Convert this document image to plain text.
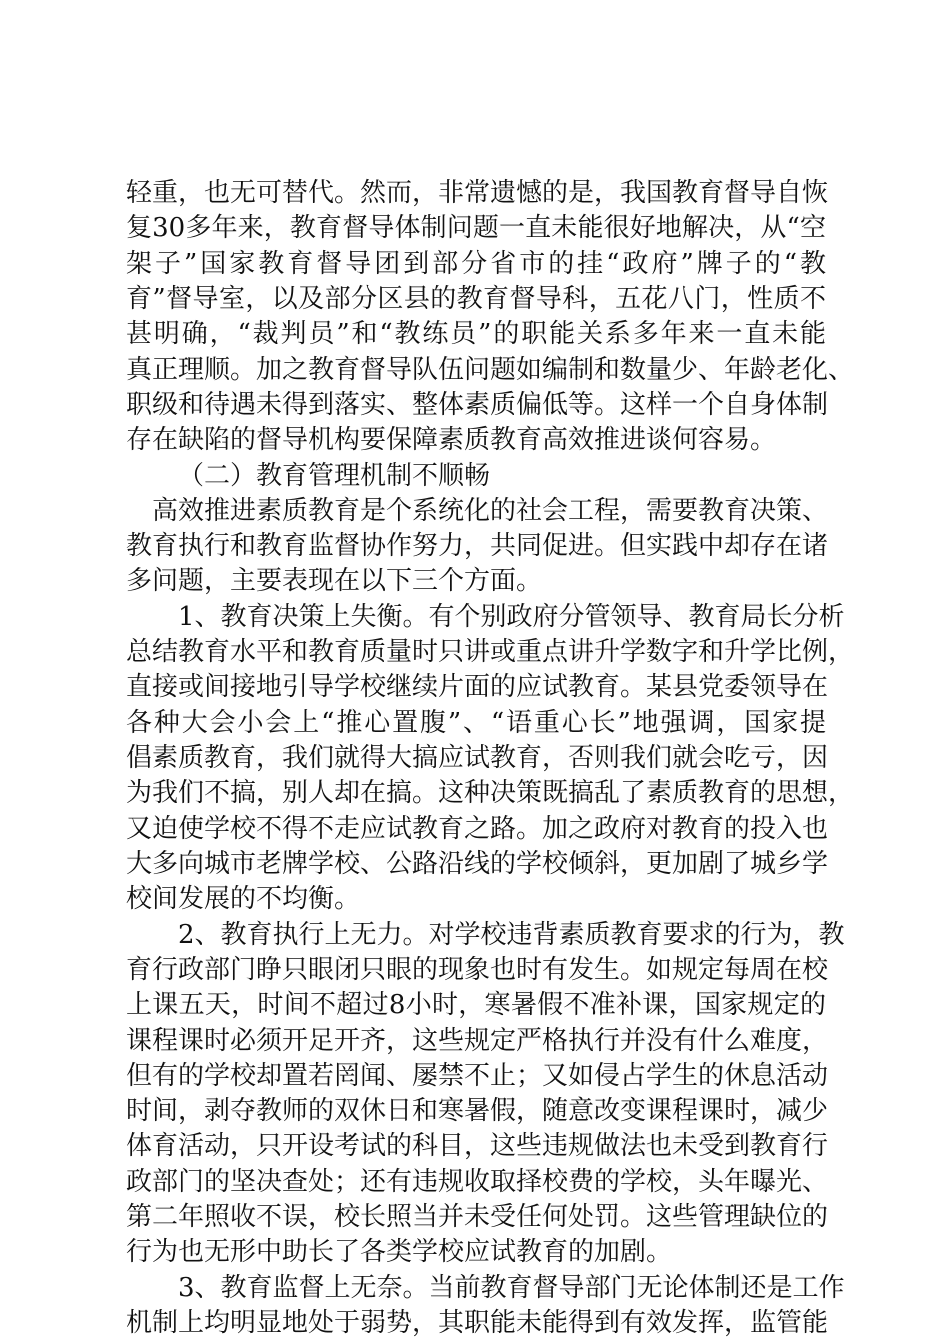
轻重，也无可替代。然而，非常遗憾的是，我国教育督导自恢
复30多年来，教育督导体制问题一直未能很好地解决，从“空
架子”国家教育督导团到部分省市的挂“政府”牌子的“教
育”督导室，以及部分区县的教育督导科，五花八门，性质不
甚明确，“裁判员”和“教练员”的职能关系多年来一直未能
真正理顺。加之教育督导队伍问题如编制和数量少、年龄老化、
职级和待遇未得到落实、整体素质偏低等。这样一个自身体制
存在缺陷的督导机构要保障素质教育高效推进谈何容易。
（二）教育管理机制不顺畅
　高效推进素质教育是个系统化的社会工程，需要教育决策、
教育执行和教育监督协作努力，共同促进。但实践中却存在诸
多问题，主要表现在以下三个方面。
　　1、教育决策上失衡。有个别政府分管领导、教育局长分析
总结教育水平和教育质量时只讲或重点讲升学数字和升学比例，
直接或间接地引导学校继续片面的应试教育。某县党委领导在
各种大会小会上“推心置腹”、“语重心长”地强调，国家提
倡素质教育，我们就得大搞应试教育，否则我们就会吃亏，因
为我们不搞，别人却在搞。这种决策既搞乱了素质教育的思想，
又迫使学校不得不走应试教育之路。加之政府对教育的投入也
大多向城市老牌学校、公路沿线的学校倾斜，更加剧了城乡学
校间发展的不均衡。
　　2、教育执行上无力。对学校违背素质教育要求的行为，教
育行政部门睁只眼闭只眼的现象也时有发生。如规定每周在校
上课五天，时间不超过8小时，寒暑假不准补课，国家规定的
课程课时必须开足开齐，这些规定严格执行并没有什么难度，
但有的学校却置若罔闻、屡禁不止；又如侵占学生的休息活动
时间，剥夺教师的双休日和寒暑假，随意改变课程课时，减少
体育活动，只开设考试的科目，这些违规做法也未受到教育行
政部门的坚决查处；还有违规收取择校费的学校，头年曝光、
第二年照收不误，校长照当并未受任何处罚。这些管理缺位的
行为也无形中助长了各类学校应试教育的加剧。
　　3、教育监督上无奈。当前教育督导部门无论体制还是工作
机制上均明显地处于弱势，其职能未能得到有效发挥，监管能
